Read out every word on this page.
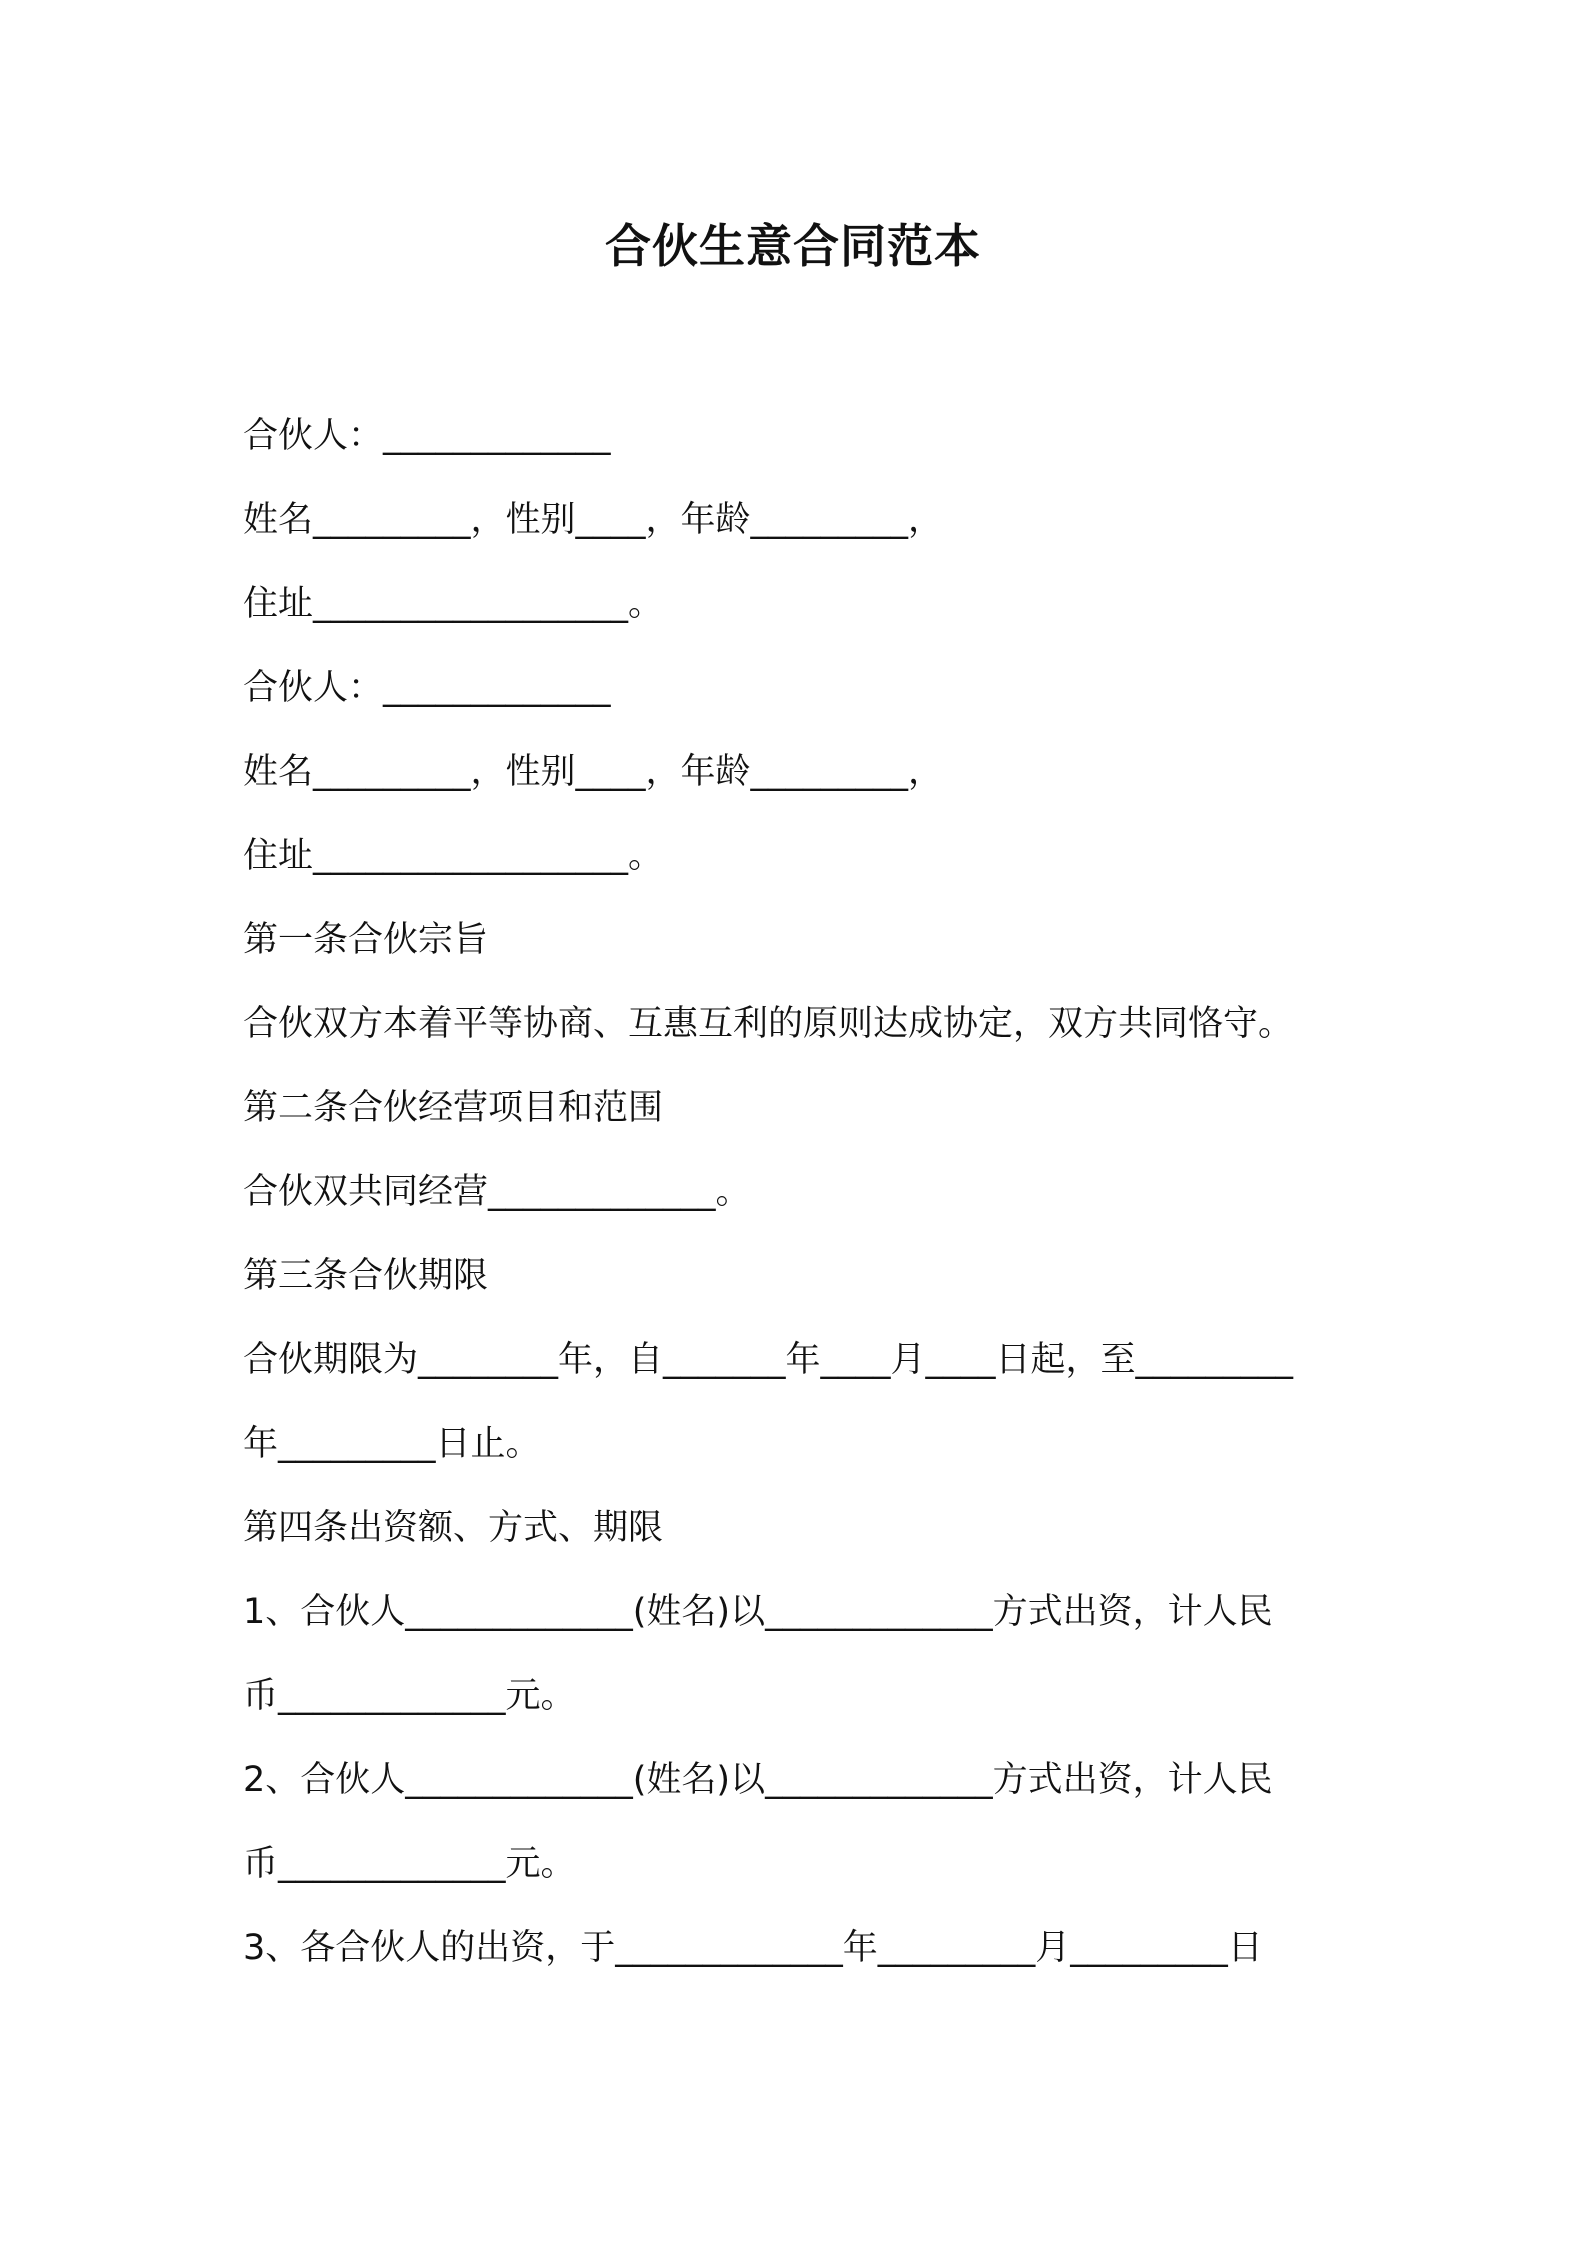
合伙生意合同范本
合伙人：_____________
姓名_________，性别____，年龄_________，
住址__________________。
合伙人：_____________
姓名_________，性别____，年龄_________，
住址__________________。
第一条合伙宗旨
合伙双方本着平等协商、互惠互利的原则达成协定，双方共同恪守。
第二条合伙经营项目和范围
合伙双共同经营_____________。
第三条合伙期限
合伙期限为________年，自_______年____月____日起，至_________
年_________日止。
第四条出资额、方式、期限
1、合伙人_____________(姓名)以_____________方式出资，计人民
币_____________元。
2、合伙人_____________(姓名)以_____________方式出资，计人民
币_____________元。
3、各合伙人的出资，于_____________年_________月_________日
